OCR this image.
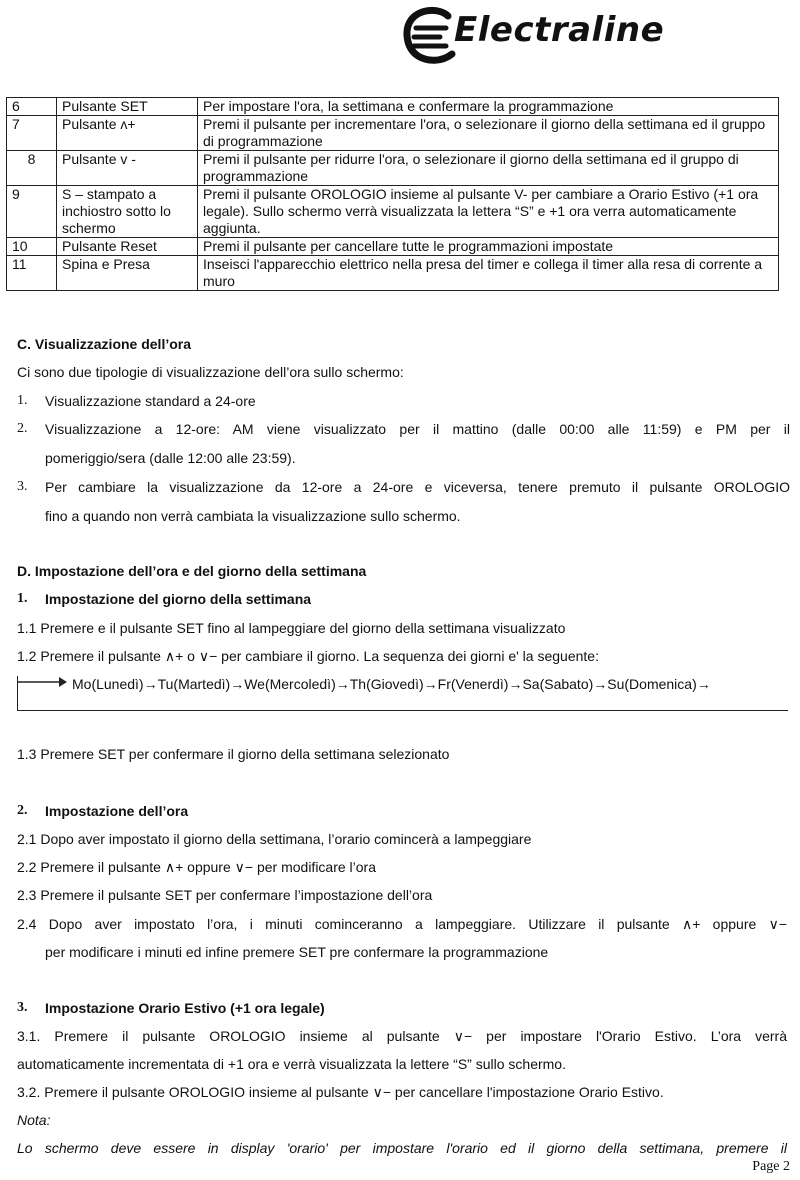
Electraline
6	Pulsante SET	Per impostare l'ora, la settimana e confermare la programmazione
7	Pulsante ʌ+	Premi il pulsante per incrementare l'ora, o selezionare il giorno della settimana ed il gruppo di programmazione
8	Pulsante v -	Premi il pulsante per ridurre l'ora, o selezionare il giorno della settimana ed il gruppo di programmazione
9	S – stampato a inchiostro sotto lo schermo	Premi il pulsante OROLOGIO insieme al pulsante V- per cambiare a Orario Estivo (+1 ora legale). Sullo schermo verrà visualizzata la lettera “S” e +1 ora verra automaticamente aggiunta.
10	Pulsante Reset	Premi il pulsante per cancellare tutte le programmazioni impostate
11	Spina e Presa	Inseisci l'apparecchio elettrico nella presa del timer e collega il timer alla resa di corrente a muro
C. Visualizzazione dell’ora
Ci sono due tipologie di visualizzazione dell’ora sullo schermo:
1. Visualizzazione standard a 24-ore
2. Visualizzazione a 12-ore: AM viene visualizzato per il mattino (dalle 00:00 alle 11:59) e PM per il
pomeriggio/sera (dalle 12:00 alle 23:59).
3. Per cambiare la visualizzazione da 12-ore a 24-ore e viceversa, tenere premuto il pulsante OROLOGIO
fino a quando non verrà cambiata la visualizzazione sullo schermo.
D. Impostazione dell’ora e del giorno della settimana
1. Impostazione del giorno della settimana
1.1 Premere e il pulsante SET fino al lampeggiare del giorno della settimana visualizzato
1.2 Premere il pulsante ∧+ o ∨− per cambiare il giorno. La sequenza dei giorni e' la seguente:
Mo(Lunedì)→Tu(Martedì)→We(Mercoledì)→Th(Giovedì)→Fr(Venerdì)→Sa(Sabato)→Su(Domenica)→
1.3 Premere SET per confermare il giorno della settimana selezionato
2. Impostazione dell’ora
2.1 Dopo aver impostato il giorno della settimana, l’orario comincerà a lampeggiare
2.2 Premere il pulsante ∧+ oppure ∨− per modificare l’ora
2.3 Premere il pulsante SET per confermare l’impostazione dell’ora
2.4 Dopo aver impostato l’ora, i minuti cominceranno a lampeggiare. Utilizzare il pulsante ∧+ oppure ∨−
per modificare i minuti ed infine premere SET pre confermare la programmazione
3. Impostazione Orario Estivo (+1 ora legale)
3.1. Premere il pulsante OROLOGIO insieme al pulsante ∨− per impostare l'Orario Estivo. L’ora verrà
automaticamente incrementata di +1 ora e verrà visualizzata la lettere “S” sullo schermo.
3.2. Premere il pulsante OROLOGIO insieme al pulsante ∨− per cancellare l'impostazione Orario Estivo.
Nota:
Lo schermo deve essere in display 'orario' per impostare l'orario ed il giorno della settimana, premere il
Page 2
